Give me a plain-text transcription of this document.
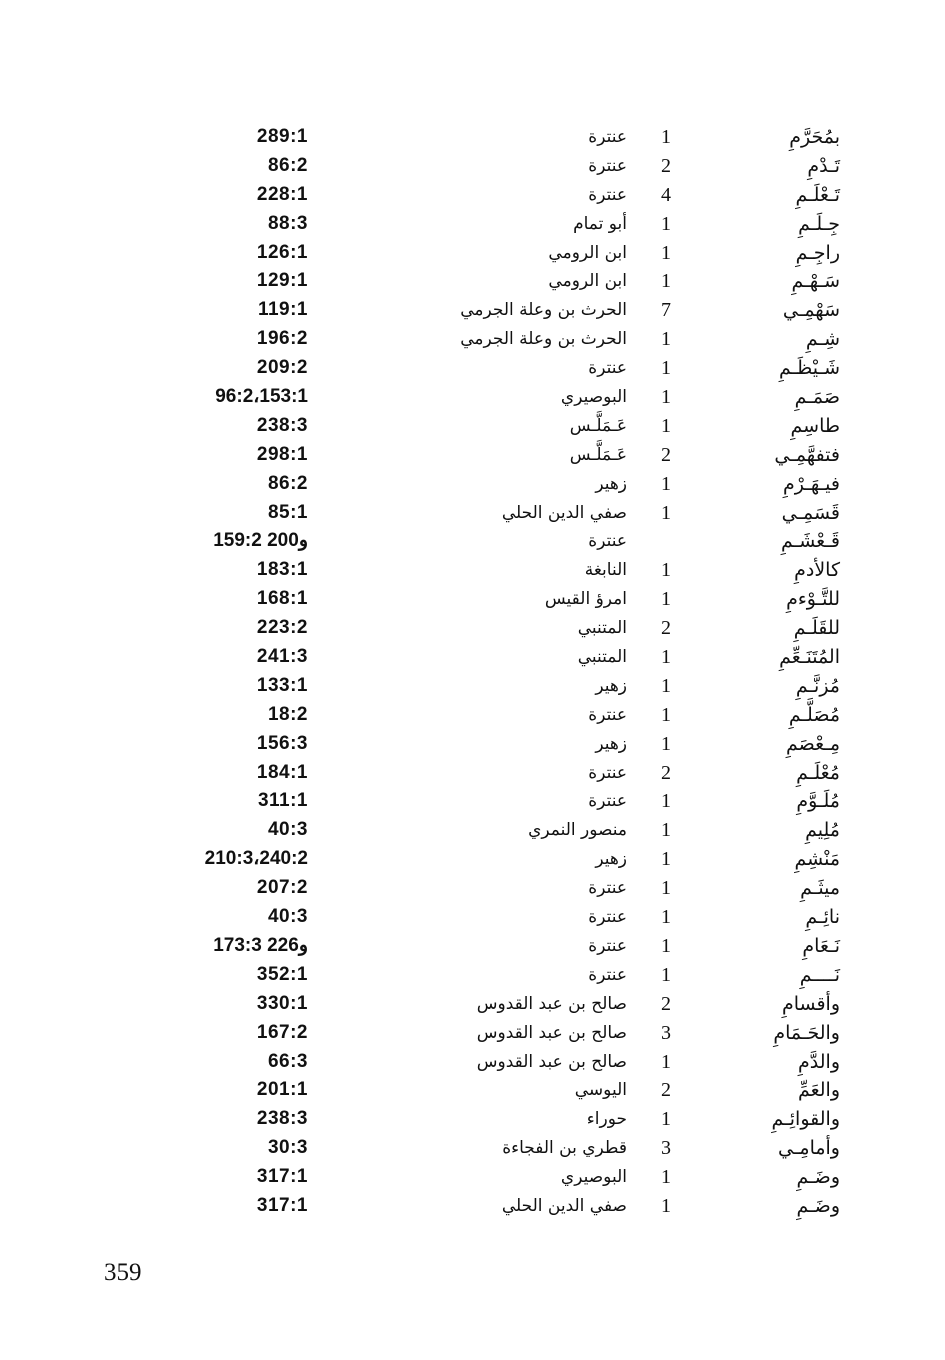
بمُحَرَّمِ
1
عنترة
289:1
تَـدْمِ
2
عنترة
86:2
تَـعْلَـمِ
4
عنترة
228:1
جِـلَـمِ
1
أبو تمام
88:3
راجِـمِ
1
ابن الرومي
126:1
سَـهْـمِ
1
ابن الرومي
129:1
سَهْمِـي
7
الحرث بن وعلة الجرمي
119:1
شِـمِ
1
الحرث بن وعلة الجرمي
196:2
شَـيْظَـمِ
1
عنترة
209:2
صَمَـمِ
1
البوصيري
96:2،153:1
طاسِمِ
1
عَـمَلَّـس
238:3
فتفهَّمِـي
2
عَـمَلَّـس
298:1
فيـهَـرْمِ
1
زهير
86:2
قَسَمِـي
1
صفي الدين الحلي
85:1
قَـعْشَـمِ
عنترة
159:2 و200
كالأدمِ
1
النابغة
183:1
للتَّـوْءمِ
1
امرؤ القيس
168:1
للقَلَـمِ
2
المتنبي
223:2
المُتَنَـعِّمِ
1
المتنبي
241:3
مُزنَّـمِ
1
زهير
133:1
مُصَلَّـمِ
1
عنترة
18:2
مِـعْصَمِ
1
زهير
156:3
مُعْلَـمِ
2
عنترة
184:1
مُلَـوَّمِ
1
عنترة
311:1
مُلِيمِ
1
منصور النمري
40:3
مَنْشِمِ
1
زهير
210:3،240:2
ميثَـمِ
1
عنترة
207:2
نائِـمِ
1
عنترة
40:3
نَـعَامِ
1
عنترة
173:3 و226
نَــــمِ
1
عنترة
352:1
وأقسامِ
2
صالح بن عبد القدوس
330:1
والحَـمَامِ
3
صالح بن عبد القدوس
167:2
والدَّمِ
1
صالح بن عبد القدوس
66:3
والعَمِّ
2
اليوسي
201:1
والقوائِـمِ
1
حوراء
238:3
وأمامِـي
3
قطري بن الفجاءة
30:3
وضَـمِ
1
البوصيري
317:1
وضَـمِ
1
صفي الدين الحلي
317:1
359
